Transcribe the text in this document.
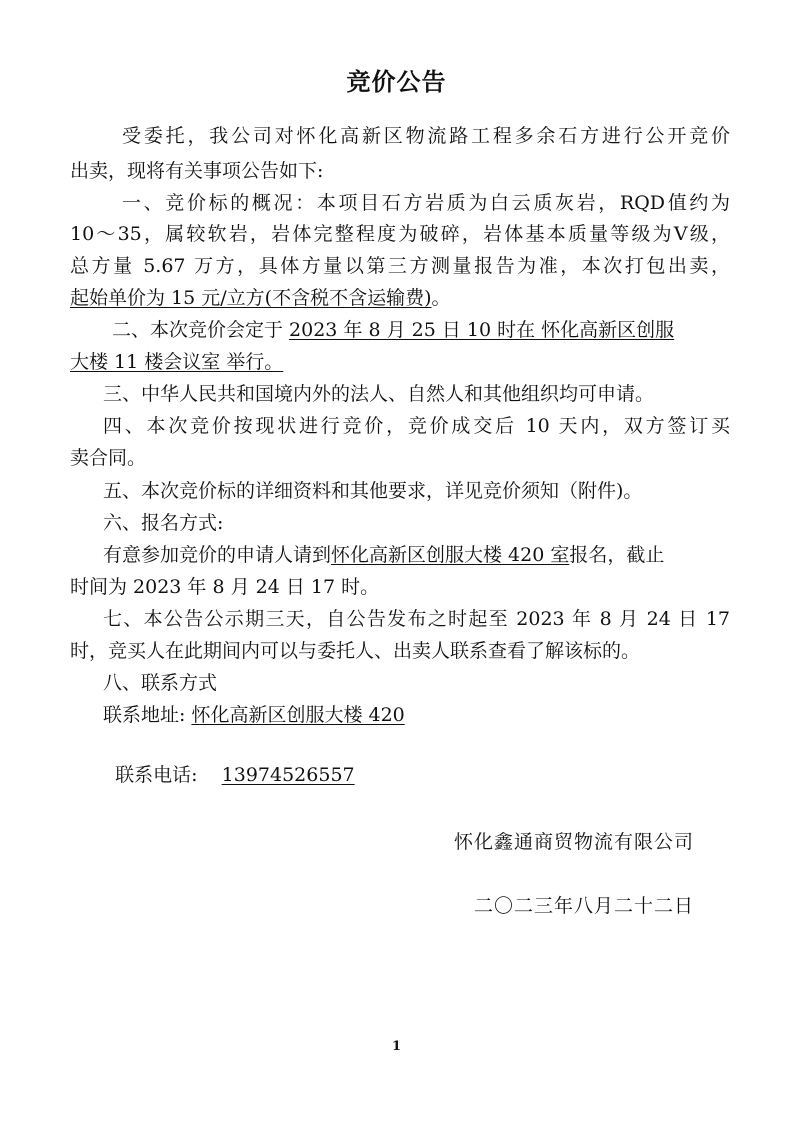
竞价公告
受委托，我公司对怀化高新区物流路工程多余石方进行公开竞价
出卖，现将有关事项公告如下:
一、竞价标的概况：本项目石方岩质为白云质灰岩，RQD值约为
10～35，属较软岩，岩体完整程度为破碎，岩体基本质量等级为Ⅴ级，
总方量 5.67 万方，具体方量以第三方测量报告为准，本次打包出卖，
起始单价为 15 元/立方(不含税不含运输费)。
二、本次竞价会定于 2023 年 8 月 25 日 10 时在 怀化高新区创服
大楼 11 楼会议室 举行。
三、中华人民共和国境内外的法人、自然人和其他组织均可申请。
四、本次竞价按现状进行竞价，竞价成交后 10 天内，双方签订买
卖合同。
五、本次竞价标的详细资料和其他要求，详见竞价须知（附件)。
六、报名方式:
有意参加竞价的申请人请到怀化高新区创服大楼 420 室报名，截止
时间为 2023 年 8 月 24 日 17 时。
七、本公告公示期三天，自公告发布之时起至 2023 年 8 月 24 日 17
时，竞买人在此期间内可以与委托人、出卖人联系查看了解该标的。
八、联系方式
联系地址: 怀化高新区创服大楼 420

联系电话:    13974526557

怀化鑫通商贸物流有限公司
二〇二三年八月二十二日
1
